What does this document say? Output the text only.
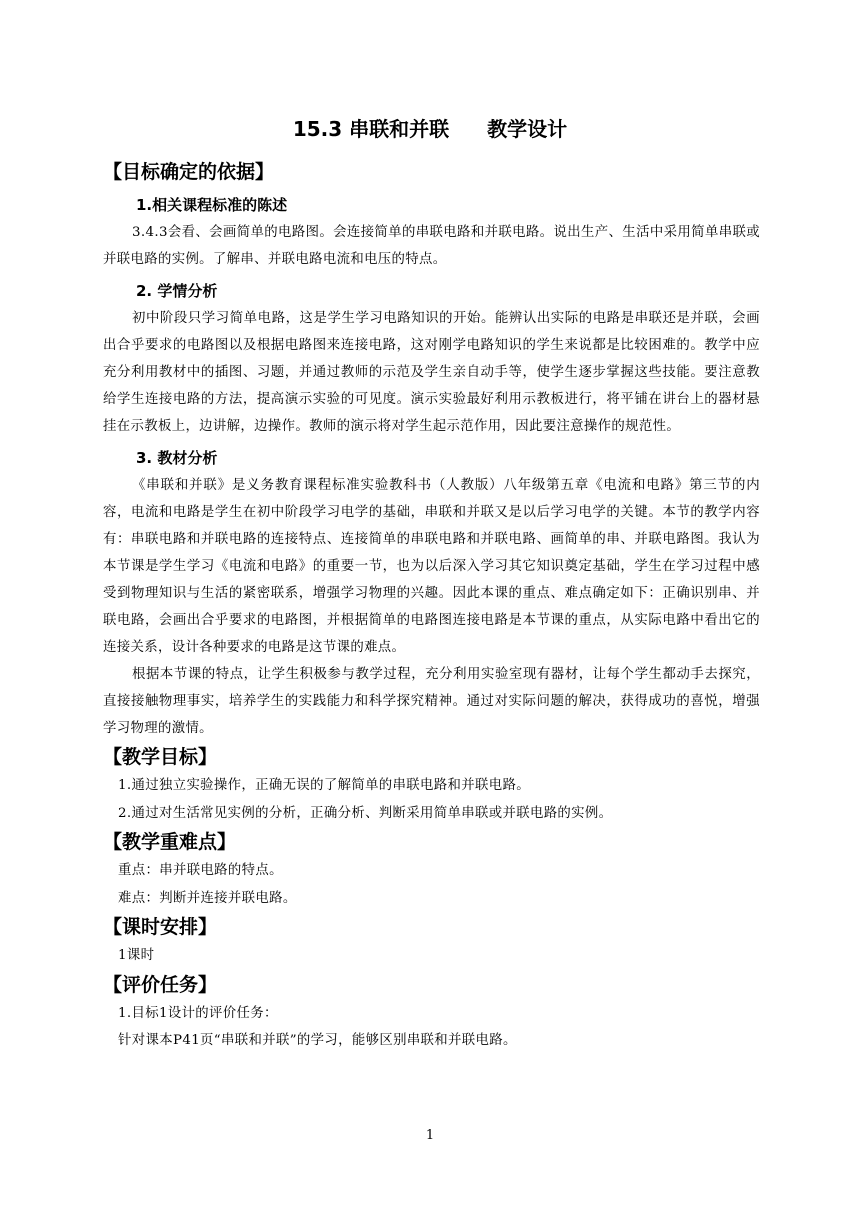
15.3 串联和并联 教学设计
【目标确定的依据】
1.相关课程标准的陈述

3.4.3会看、会画简单的电路图。会连接简单的串联电路和并联电路。说出生产、生活中采用简单串联或并联电路的实例。了解串、并联电路电流和电压的特点。

2. 学情分析

初中阶段只学习简单电路，这是学生学习电路知识的开始。能辨认出实际的电路是串联还是并联，会画出合乎要求的电路图以及根据电路图来连接电路，这对刚学电路知识的学生来说都是比较困难的。教学中应充分利用教材中的插图、习题，并通过教师的示范及学生亲自动手等，使学生逐步掌握这些技能。要注意教给学生连接电路的方法，提高演示实验的可见度。演示实验最好利用示教板进行，将平铺在讲台上的器材悬挂在示教板上，边讲解，边操作。教师的演示将对学生起示范作用，因此要注意操作的规范性。

3. 教材分析

《串联和并联》是义务教育课程标准实验教科书（人教版）八年级第五章《电流和电路》第三节的内容，电流和电路是学生在初中阶段学习电学的基础，串联和并联又是以后学习电学的关键。本节的教学内容有：串联电路和并联电路的连接特点、连接简单的串联电路和并联电路、画简单的串、并联电路图。我认为本节课是学生学习《电流和电路》的重要一节，也为以后深入学习其它知识奠定基础，学生在学习过程中感受到物理知识与生活的紧密联系，增强学习物理的兴趣。因此本课的重点、难点确定如下：正确识别串、并联电路，会画出合乎要求的电路图，并根据简单的电路图连接电路是本节课的重点，从实际电路中看出它的连接关系，设计各种要求的电路是这节课的难点。

根据本节课的特点，让学生积极参与教学过程，充分利用实验室现有器材，让每个学生都动手去探究，直接接触物理事实，培养学生的实践能力和科学探究精神。通过对实际问题的解决，获得成功的喜悦，增强学习物理的激情。

【教学目标】

1.通过独立实验操作，正确无误的了解简单的串联电路和并联电路。

2.通过对生活常见实例的分析，正确分析、判断采用简单串联或并联电路的实例。

【教学重难点】

重点：串并联电路的特点。

难点：判断并连接并联电路。

【课时安排】

1课时

【评价任务】

1.目标1设计的评价任务：

针对课本P41页“串联和并联”的学习，能够区别串联和并联电路。

1
